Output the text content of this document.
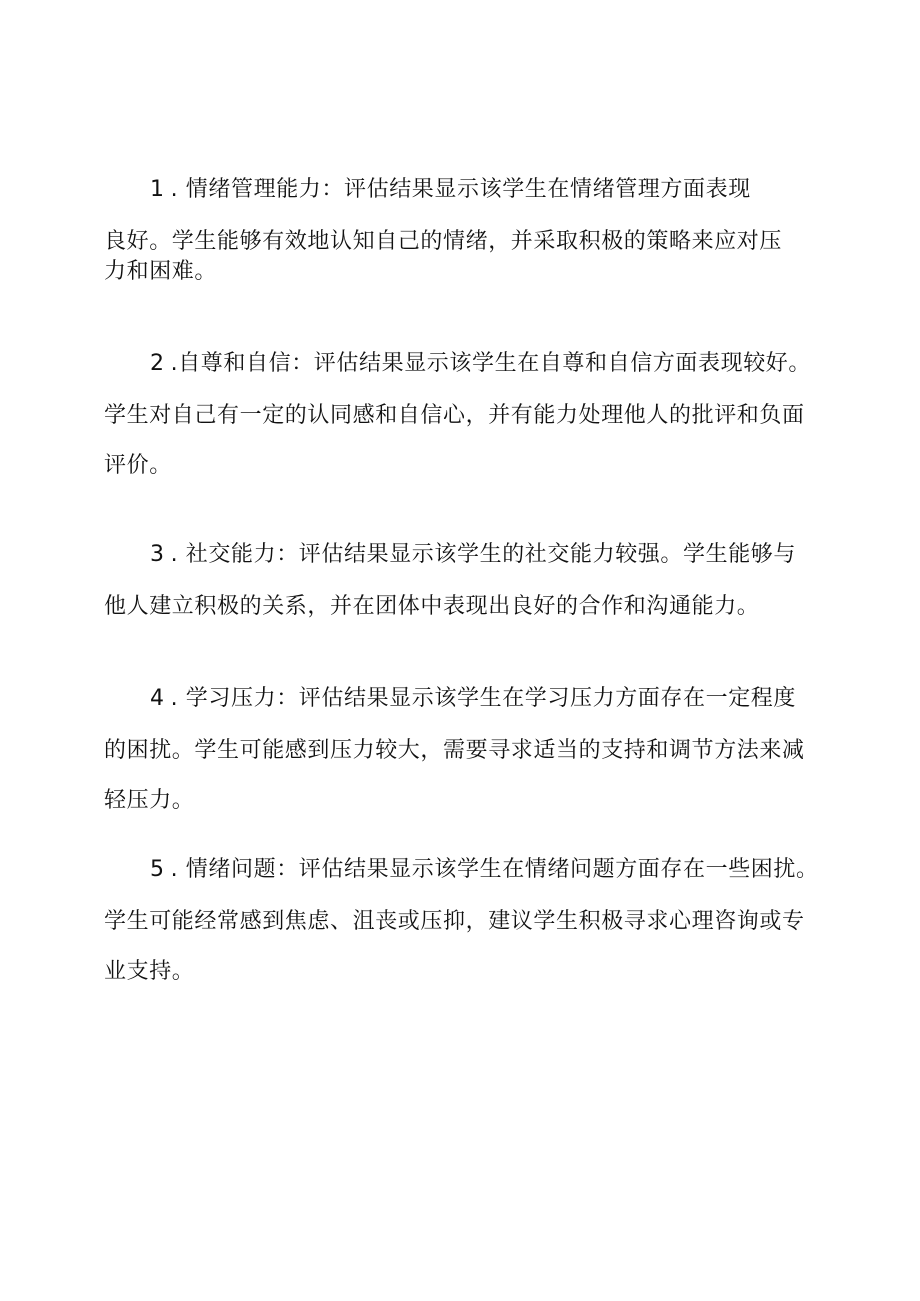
1 . 情绪管理能力：评估结果显示该学生在情绪管理方面表现
良好。学生能够有效地认知自己的情绪，并采取积极的策略来应对压
力和困难。
2 .自尊和自信：评估结果显示该学生在自尊和自信方面表现较好。
学生对自己有一定的认同感和自信心，并有能力处理他人的批评和负面
评价。
3 . 社交能力：评估结果显示该学生的社交能力较强。学生能够与
他人建立积极的关系，并在团体中表现出良好的合作和沟通能力。
4 . 学习压力：评估结果显示该学生在学习压力方面存在一定程度
的困扰。学生可能感到压力较大，需要寻求适当的支持和调节方法来减
轻压力。
5 . 情绪问题：评估结果显示该学生在情绪问题方面存在一些困扰。
学生可能经常感到焦虑、沮丧或压抑，建议学生积极寻求心理咨询或专
业支持。
